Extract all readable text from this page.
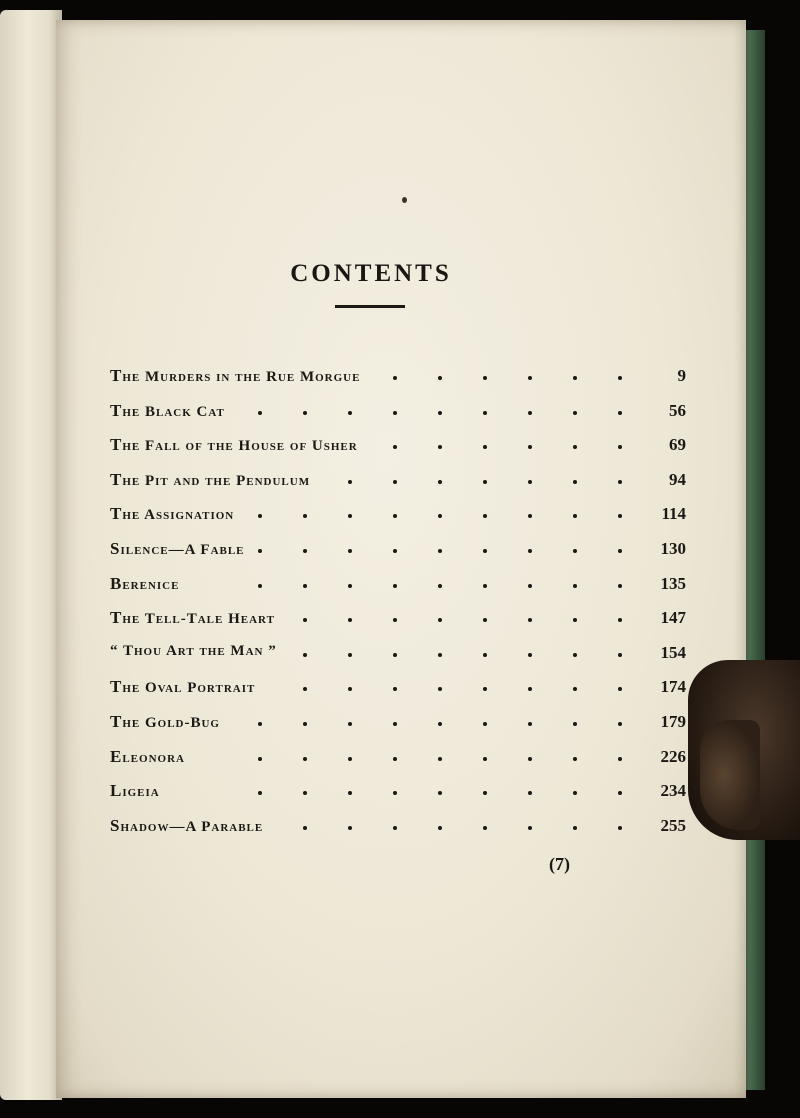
CONTENTS
The Murders in the Rue Morgue	9
The Black Cat	56
The Fall of the House of Usher	69
The Pit and the Pendulum	94
The Assignation	114
Silence—A Fable	130
Berenice	135
The Tell-Tale Heart	147
“ Thou Art the Man ”	154
The Oval Portrait	174
The Gold-Bug	179
Eleonora	226
Ligeia	234
Shadow—A Parable	255
(7)
